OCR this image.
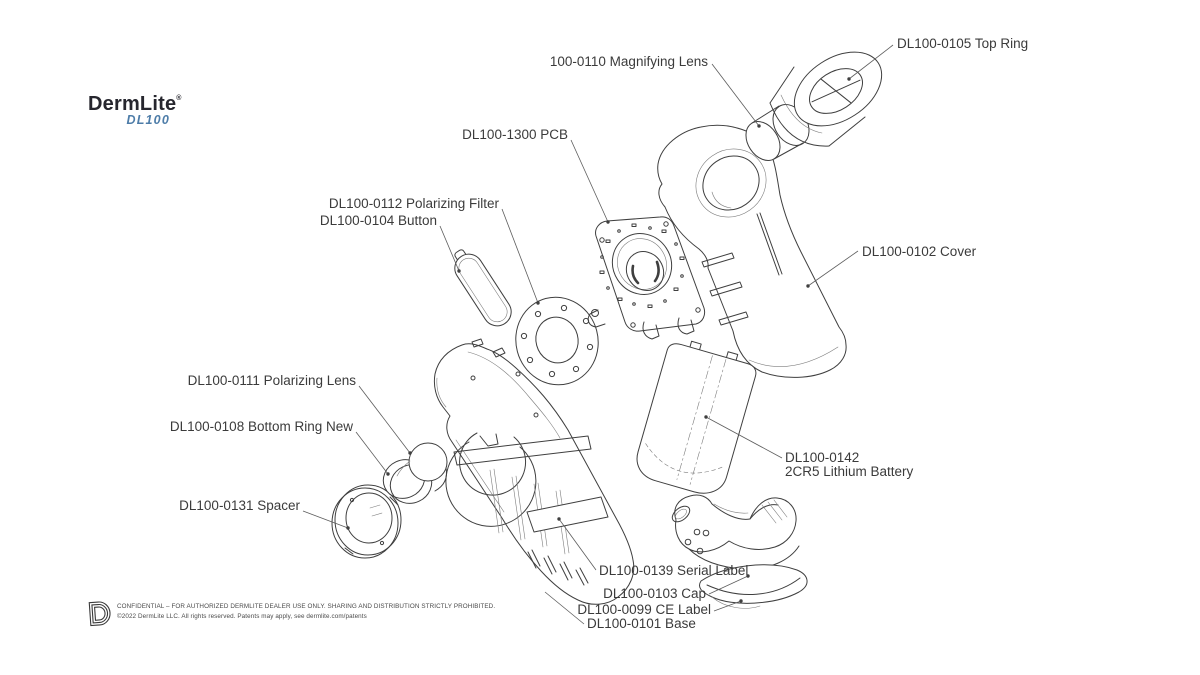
DermLite®
DL100
100-0110 Magnifying Lens
DL100-0105 Top Ring
DL100-1300 PCB
DL100-0112 Polarizing Filter
DL100-0104 Button
DL100-0102 Cover
DL100-0111 Polarizing Lens
DL100-0108 Bottom Ring New
DL100-0131 Spacer
DL100-0142
2CR5 Lithium Battery
DL100-0139 Serial Label
DL100-0103 Cap
DL100-0099 CE Label
DL100-0101 Base
CONFIDENTIAL – FOR AUTHORIZED DERMLITE DEALER USE ONLY. SHARING AND DISTRIBUTION STRICTLY PROHIBITED.
©2022 DermLite LLC. All rights reserved. Patents may apply, see dermlite.com/patents
